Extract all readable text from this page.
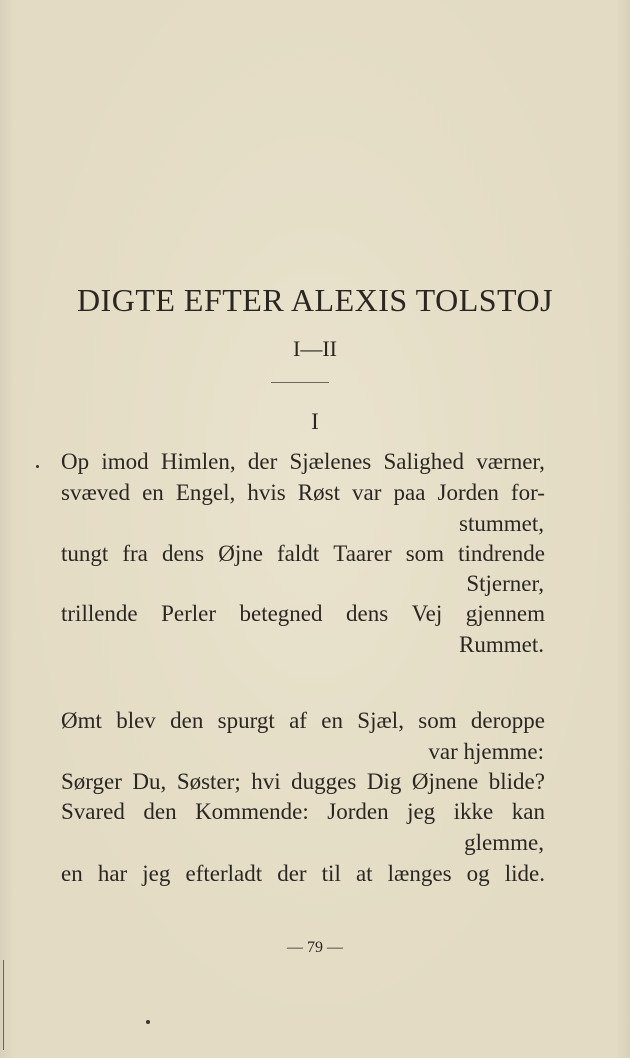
DIGTE EFTER ALEXIS TOLSTOJ
I—II
I
Op imod Himlen, der Sjælenes Salighed værner,
svæved en Engel, hvis Røst var paa Jorden for-
stummet,
tungt fra dens Øjne faldt Taarer som tindrende
Stjerner,
trillende Perler betegned dens Vej gjennem
Rummet.
Ømt blev den spurgt af en Sjæl, som deroppe
var hjemme:
Sørger Du, Søster; hvi dugges Dig Øjnene blide?
Svared den Kommende: Jorden jeg ikke kan
glemme,
en har jeg efterladt der til at længes og lide.
— 79 —
